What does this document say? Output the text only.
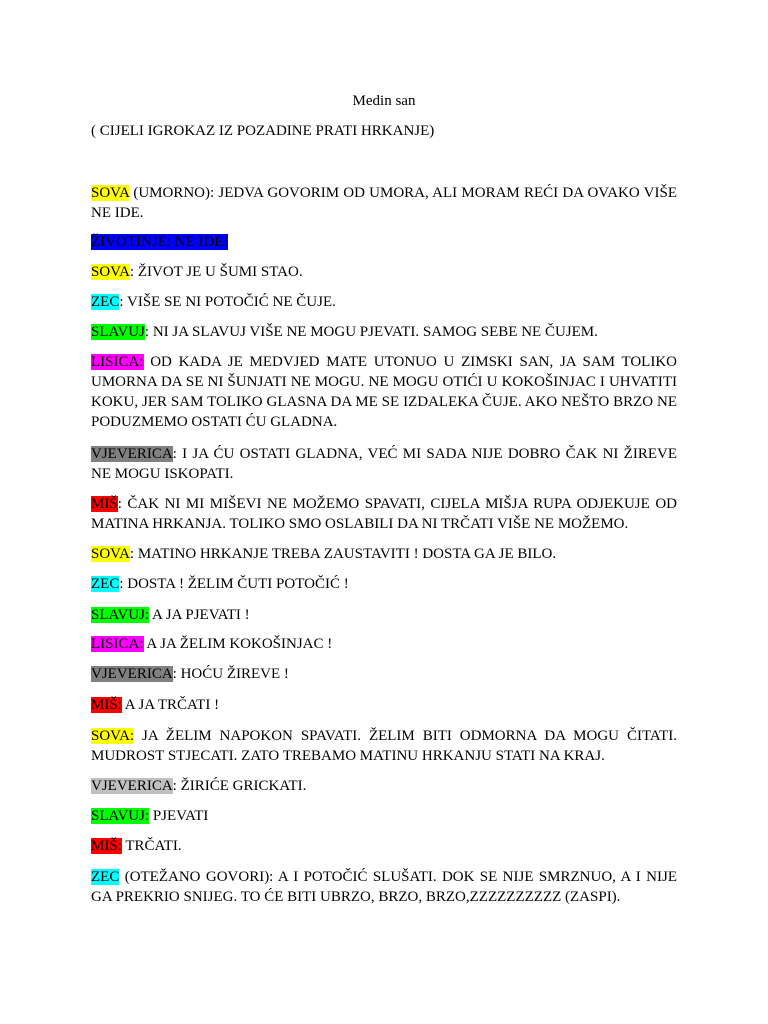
Medin san
( CIJELI IGROKAZ IZ POZADINE PRATI HRKANJE)
SOVA (UMORNO): JEDVA GOVORIM OD UMORA, ALI MORAM REĆI DA OVAKO VIŠE NE IDE.
ŽIVOTINJE: NE IDE!
SOVA: ŽIVOT JE U ŠUMI STAO.
ZEC: VIŠE SE NI POTOČIĆ NE ČUJE.
SLAVUJ: NI JA SLAVUJ VIŠE NE MOGU PJEVATI. SAMOG SEBE NE ČUJEM.
LISICA: OD KADA JE MEDVJED MATE UTONUO U ZIMSKI SAN, JA SAM TOLIKO UMORNA DA SE NI ŠUNJATI NE MOGU. NE MOGU OTIĆI U KOKOŠINJAC I UHVATITI KOKU, JER SAM TOLIKO GLASNA DA ME SE IZDALEKA ČUJE. AKO NEŠTO BRZO NE PODUZMEMO OSTATI ĆU GLADNA.
VJEVERICA: I JA ĆU OSTATI GLADNA, VEĆ MI SADA NIJE DOBRO ČAK NI ŽIREVE NE MOGU ISKOPATI.
MIŠ: ČAK NI MI MIŠEVI NE MOŽEMO SPAVATI, CIJELA MIŠJA RUPA ODJEKUJE OD MATINA HRKANJA. TOLIKO SMO OSLABILI DA NI TRČATI VIŠE NE MOŽEMO.
SOVA: MATINO HRKANJE TREBA ZAUSTAVITI ! DOSTA GA JE BILO.
ZEC: DOSTA ! ŽELIM ČUTI POTOČIĆ !
SLAVUJ: A JA PJEVATI !
LISICA: A JA ŽELIM KOKOŠINJAC !
VJEVERICA: HOĆU ŽIREVE !
MIŠ: A JA TRČATI !
SOVA: JA ŽELIM NAPOKON SPAVATI. ŽELIM BITI ODMORNA DA MOGU ČITATI. MUDROST STJECATI. ZATO TREBAMO MATINU HRKANJU STATI NA KRAJ.
VJEVERICA: ŽIRIĆE GRICKATI.
SLAVUJ: PJEVATI
MIŠ: TRČATI.
ZEC (OTEŽANO GOVORI): A I POTOČIĆ SLUŠATI. DOK SE NIJE SMRZNUO, A I NIJE GA PREKRIO SNIJEG. TO ĆE BITI UBRZO, BRZO, BRZO,ZZZZZZZZZZ (ZASPI).
